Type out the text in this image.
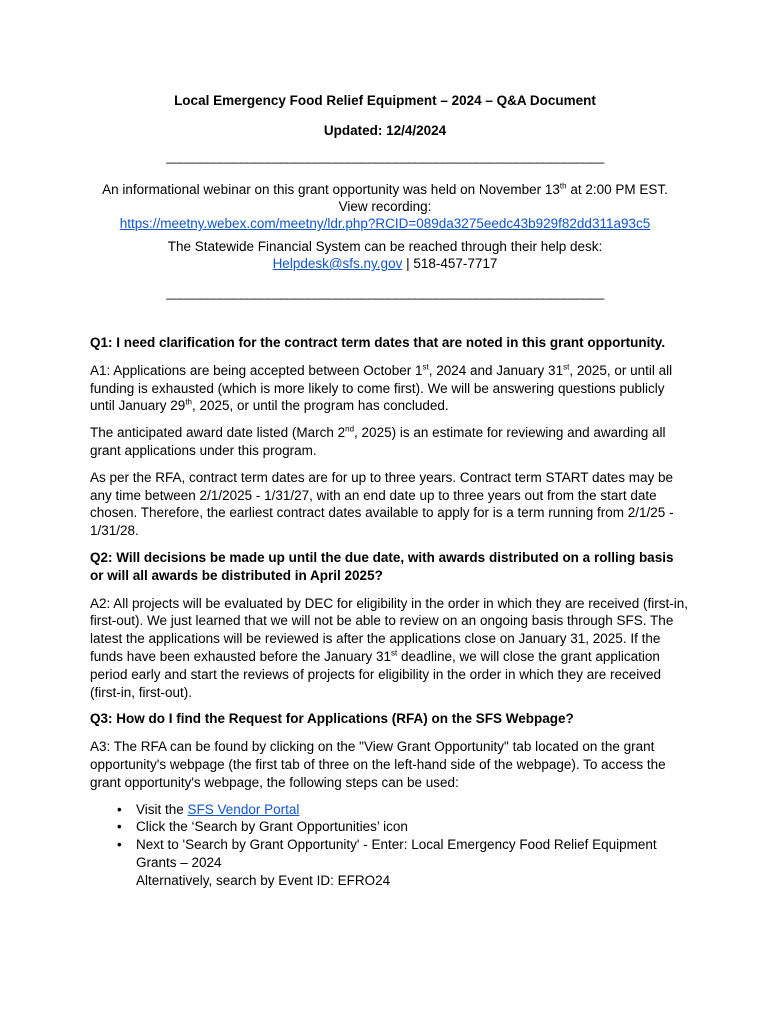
Local Emergency Food Relief Equipment – 2024 – Q&A Document
Updated: 12/4/2024
_________________________________________________________________
An informational webinar on this grant opportunity was held on November 13th at 2:00 PM EST.
View recording:
https://meetny.webex.com/meetny/ldr.php?RCID=089da3275eedc43b929f82dd311a93c5
The Statewide Financial System can be reached through their help desk:
Helpdesk@sfs.ny.gov | 518-457-7717
_________________________________________________________________

Q1: I need clarification for the contract term dates that are noted in this grant opportunity.

A1: Applications are being accepted between October 1st, 2024 and January 31st, 2025, or until all funding is exhausted (which is more likely to come first). We will be answering questions publicly until January 29th, 2025, or until the program has concluded.

The anticipated award date listed (March 2nd, 2025) is an estimate for reviewing and awarding all grant applications under this program.

As per the RFA, contract term dates are for up to three years. Contract term START dates may be any time between 2/1/2025 - 1/31/27, with an end date up to three years out from the start date chosen. Therefore, the earliest contract dates available to apply for is a term running from 2/1/25 - 1/31/28.

Q2: Will decisions be made up until the due date, with awards distributed on a rolling basis or will all awards be distributed in April 2025?

A2: All projects will be evaluated by DEC for eligibility in the order in which they are received (first-in, first-out). We just learned that we will not be able to review on an ongoing basis through SFS. The latest the applications will be reviewed is after the applications close on January 31, 2025. If the funds have been exhausted before the January 31st deadline, we will close the grant application period early and start the reviews of projects for eligibility in the order in which they are received (first-in, first-out).

Q3: How do I find the Request for Applications (RFA) on the SFS Webpage?

A3: The RFA can be found by clicking on the "View Grant Opportunity" tab located on the grant opportunity's webpage (the first tab of three on the left-hand side of the webpage). To access the grant opportunity's webpage, the following steps can be used:

• Visit the SFS Vendor Portal
• Click the ‘Search by Grant Opportunities’ icon
• Next to 'Search by Grant Opportunity' - Enter: Local Emergency Food Relief Equipment Grants – 2024
Alternatively, search by Event ID: EFRO24
